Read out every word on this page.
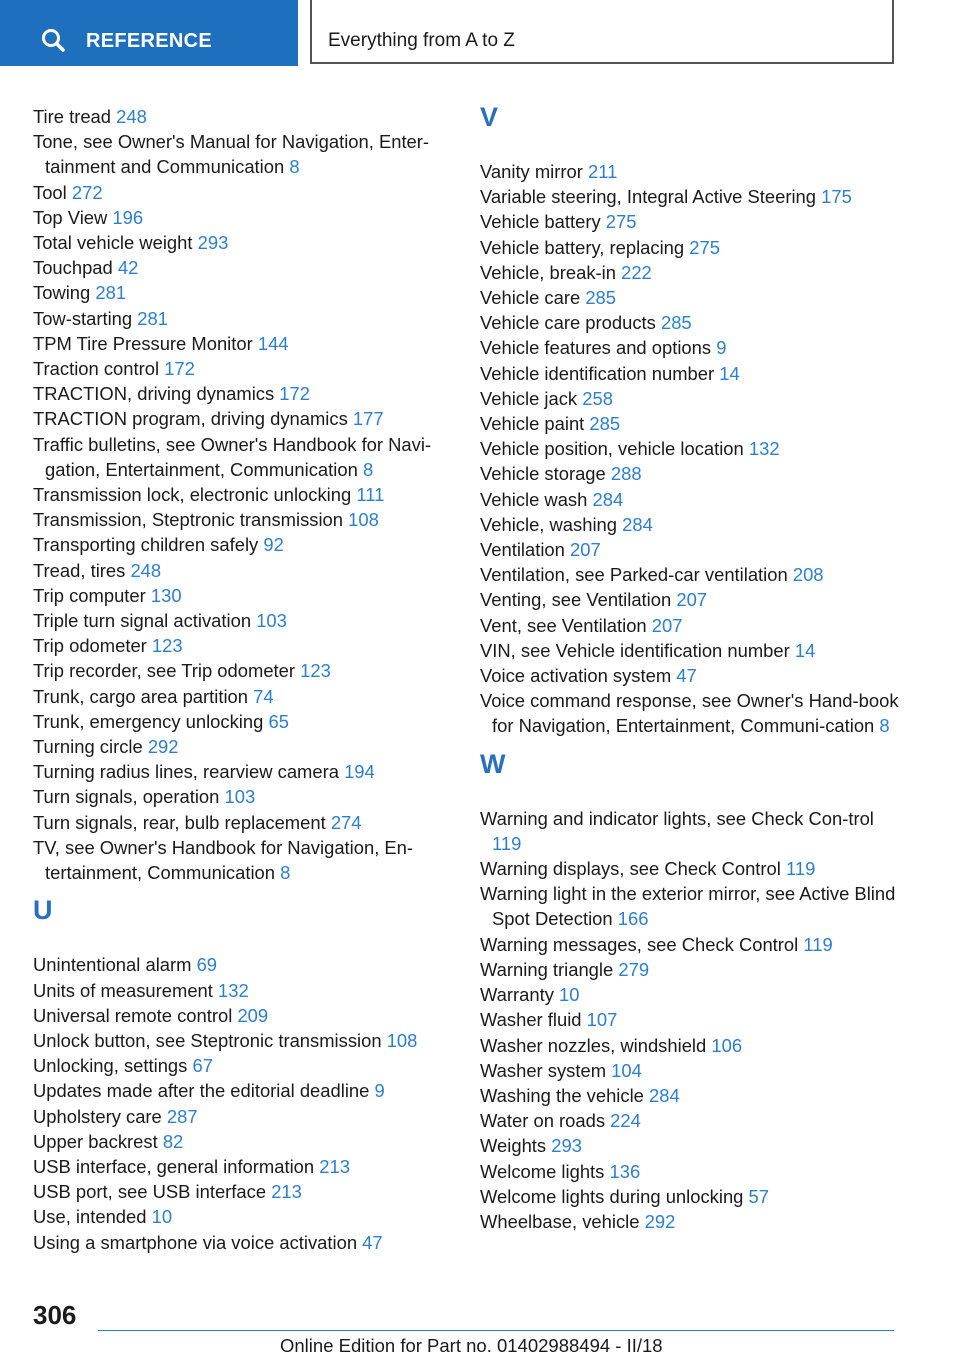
REFERENCE	Everything from A to Z

Tire tread 248

Tone, see Owner's Manual for Navigation, Enter-tainment and Communication 8

Tool 272

Top View 196

Total vehicle weight 293

Touchpad 42

Towing 281

Tow-starting 281

TPM Tire Pressure Monitor 144

Traction control 172

TRACTION, driving dynamics 172

TRACTION program, driving dynamics 177

Traffic bulletins, see Owner's Handbook for Navi-gation, Entertainment, Communication 8

Transmission lock, electronic unlocking 111

Transmission, Steptronic transmission 108

Transporting children safely 92

Tread, tires 248

Trip computer 130

Triple turn signal activation 103

Trip odometer 123

Trip recorder, see Trip odometer 123

Trunk, cargo area partition 74

Trunk, emergency unlocking 65

Turning circle 292

Turning radius lines, rearview camera 194

Turn signals, operation 103

Turn signals, rear, bulb replacement 274

TV, see Owner's Handbook for Navigation, En-tertainment, Communication 8

U

Unintentional alarm 69

Units of measurement 132

Universal remote control 209

Unlock button, see Steptronic transmission 108

Unlocking, settings 67

Updates made after the editorial deadline 9

Upholstery care 287

Upper backrest 82

USB interface, general information 213

USB port, see USB interface 213

Use, intended 10

Using a smartphone via voice activation 47

V

Vanity mirror 211

Variable steering, Integral Active Steering 175

Vehicle battery 275

Vehicle battery, replacing 275

Vehicle, break-in 222

Vehicle care 285

Vehicle care products 285

Vehicle features and options 9

Vehicle identification number 14

Vehicle jack 258

Vehicle paint 285

Vehicle position, vehicle location 132

Vehicle storage 288

Vehicle wash 284

Vehicle, washing 284

Ventilation 207

Ventilation, see Parked-car ventilation 208

Venting, see Ventilation 207

Vent, see Ventilation 207

VIN, see Vehicle identification number 14

Voice activation system 47

Voice command response, see Owner's Hand-book for Navigation, Entertainment, Communi-cation 8

W

Warning and indicator lights, see Check Con-trol 119

Warning displays, see Check Control 119

Warning light in the exterior mirror, see Active Blind Spot Detection 166

Warning messages, see Check Control 119

Warning triangle 279

Warranty 10

Washer fluid 107

Washer nozzles, windshield 106

Washer system 104

Washing the vehicle 284

Water on roads 224

Weights 293

Welcome lights 136

Welcome lights during unlocking 57

Wheelbase, vehicle 292

306
Online Edition for Part no. 01402988494 - II/18
